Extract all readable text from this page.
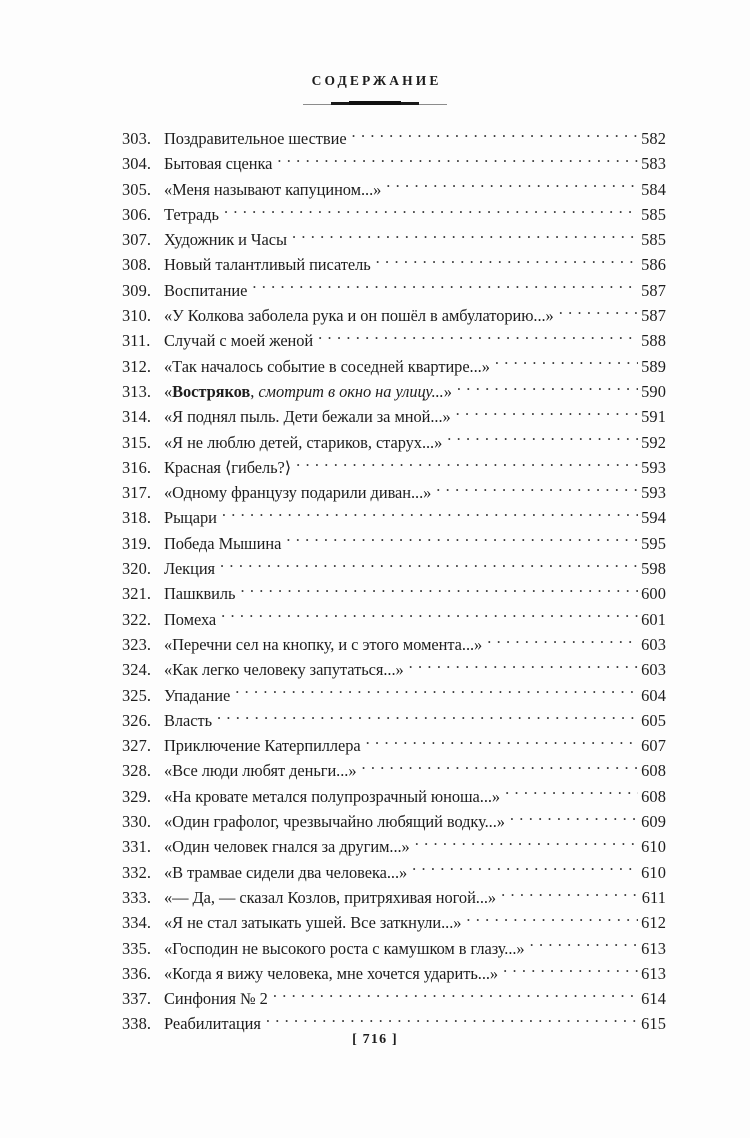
СОДЕРЖАНИЕ
303. Поздравительное шествие . . .	582
304. Бытовая сценка . . .	583
305. «Меня называют капуцином...» . . .	584
306. Тетрадь . . .	585
307. Художник и Часы . . .	585
308. Новый талантливый писатель . . .	586
309. Воспитание . . .	587
310. «У Колкова заболела рука и он пошёл в амбулаторию...» . . .	587
311. Случай с моей женой . . .	588
312. «Так началось событие в соседней квартире...» . . .	589
313. «Востряков, смотрит в окно на улицу...» . . .	590
314. «Я поднял пыль. Дети бежали за мной...» . . .	591
315. «Я не люблю детей, стариков, старух...» . . .	592
316. Красная ⟨гибель?⟩ . . .	593
317. «Одному французу подарили диван...» . . .	593
318. Рыцари . . .	594
319. Победа Мышина . . .	595
320. Лекция . . .	598
321. Пашквиль . . .	600
322. Помеха . . .	601
323. «Перечни сел на кнопку, и с этого момента...» . . .	603
324. «Как легко человеку запутаться...» . . .	603
325. Упадание . . .	604
326. Власть . . .	605
327. Приключение Катерпиллера . . .	607
328. «Все люди любят деньги...» . . .	608
329. «На кровате метался полупрозрачный юноша...» . . .	608
330. «Один графолог, чрезвычайно любящий водку...» . . .	609
331. «Один человек гнался за другим...» . . .	610
332. «В трамвае сидели два человека...» . . .	610
333. «— Да, — сказал Козлов, притряхивая ногой...» . . .	611
334. «Я не стал затыкать ушей. Все заткнули...» . . .	612
335. «Господин не высокого роста с камушком в глазу...» . . .	613
336. «Когда я вижу человека, мне хочется ударить...» . . .	613
337. Синфония № 2 . . .	614
338. Реабилитация . . .	615
[ 716 ]
